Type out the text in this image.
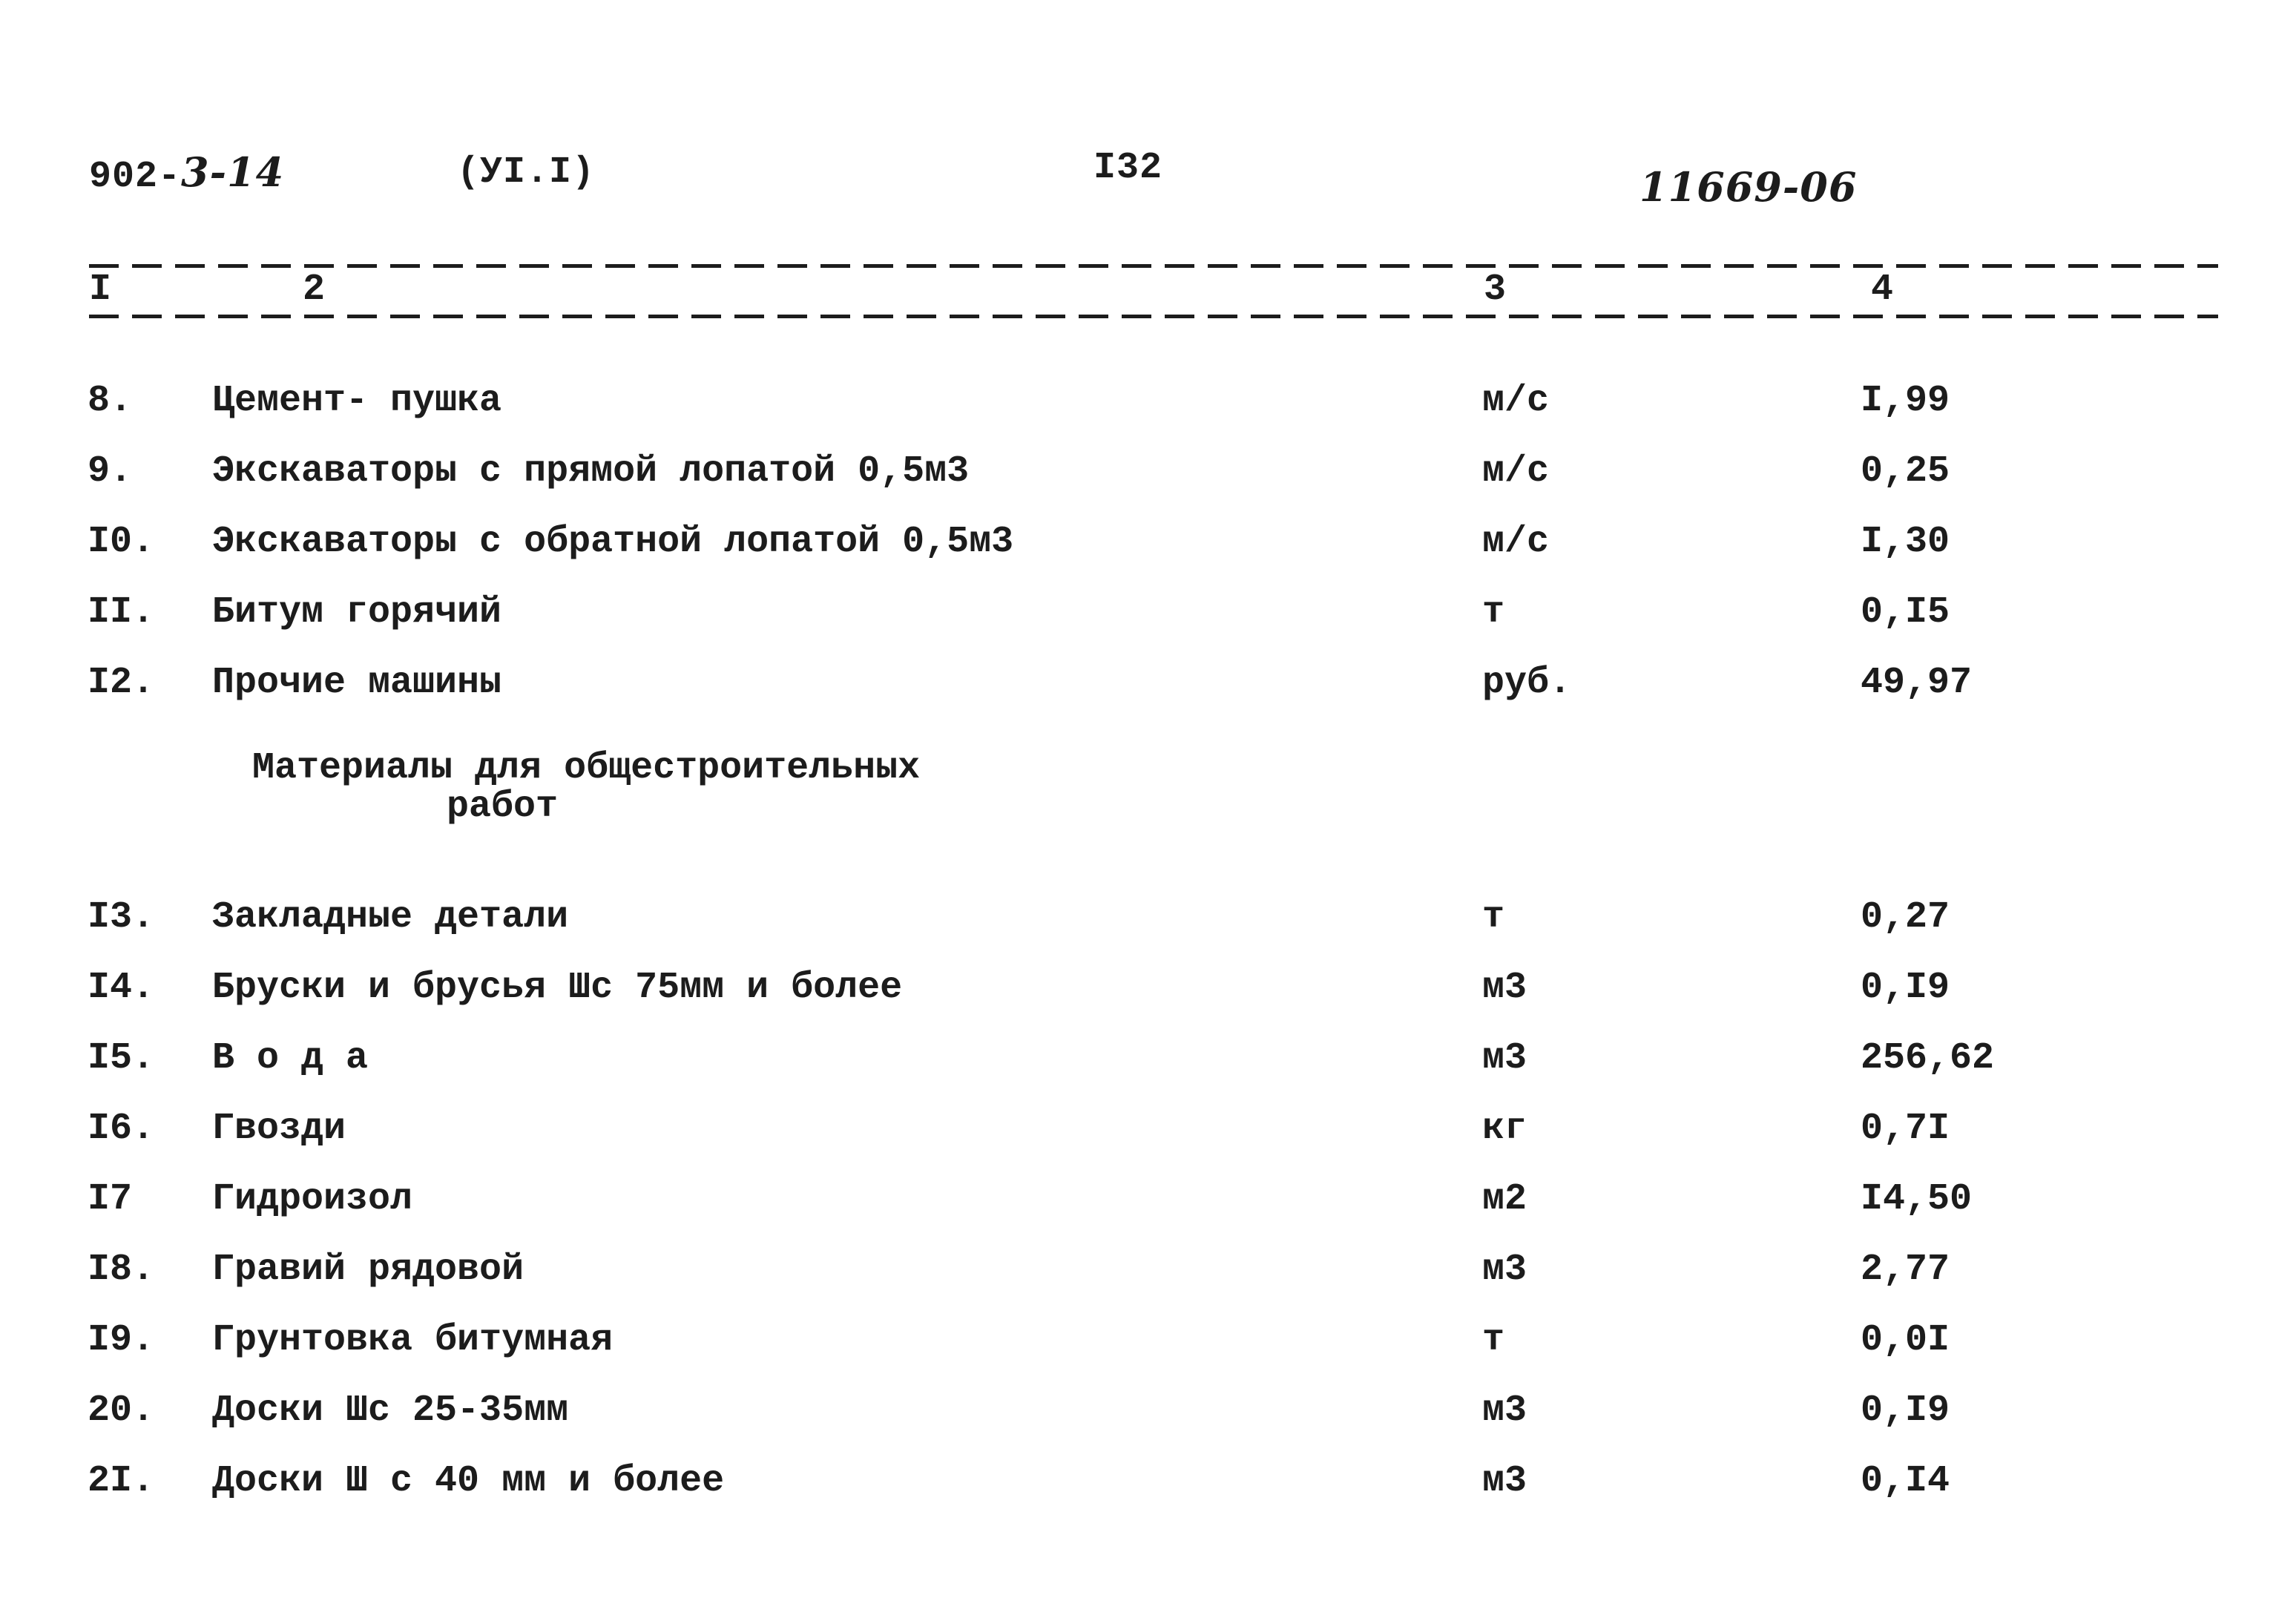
902-3-14	(УI.I)	I32	11669-06
I	2	3	4
8. Цемент- пушка	м/с	I,99
9. Экскаваторы с прямой лопатой 0,5м3	м/с	0,25
I0. Экскаваторы с обратной лопатой 0,5м3	м/с	I,30
II. Битум горячий	т	0,I5
I2. Прочие машины	руб.	49,97
Материалы для общестроительных
работ
I3. Закладные детали	т	0,27
I4. Бруски и брусья Шс 75мм и более	м3	0,I9
I5. В о д а	м3	256,62
I6. Гвозди	кг	0,7I
I7 Гидроизол	м2	I4,50
I8. Гравий рядовой	м3	2,77
I9. Грунтовка битумная	т	0,0I
20. Доски Шс 25-35мм	м3	0,I9
2I. Доски Ш с 40 мм и более	м3	0,I4
